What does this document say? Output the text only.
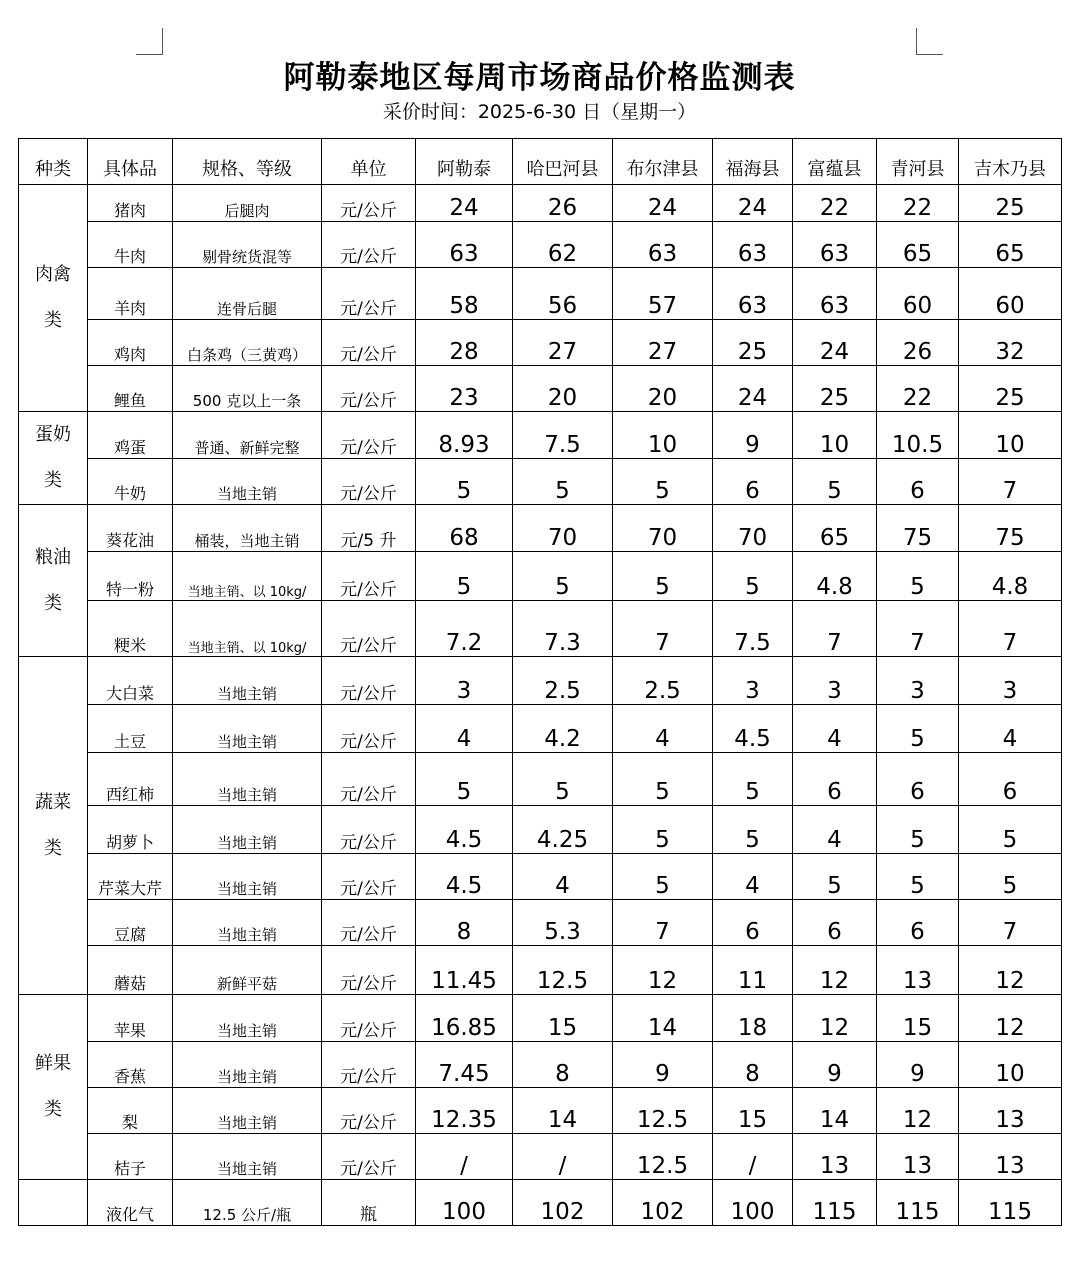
阿勒泰地区每周市场商品价格监测表
采价时间：2025-6-30 日（星期一）
种类	具体品	规格、等级	单位	阿勒泰	哈巴河县	布尔津县	福海县	富蕴县	青河县	吉木乃县

肉禽
类	猪肉	后腿肉	元/公斤	24	26	24	24	22	22	25
	牛肉	剔骨统货混等	元/公斤	63	62	63	63	63	65	65
	羊肉	连骨后腿	元/公斤	58	56	57	63	63	60	60
	鸡肉	白条鸡（三黄鸡）	元/公斤	28	27	27	25	24	26	32
	鲤鱼	500 克以上一条	元/公斤	23	20	20	24	25	22	25

蛋奶
类	鸡蛋	普通、新鲜完整	元/公斤	8.93	7.5	10	9	10	10.5	10
	牛奶	当地主销	元/公斤	5	5	5	6	5	6	7

粮油
类	葵花油	桶装，当地主销	元/5 升	68	70	70	70	65	75	75
	特一粉	当地主销、以 10kg/	元/公斤	5	5	5	5	4.8	5	4.8
	粳米	当地主销、以 10kg/	元/公斤	7.2	7.3	7	7.5	7	7	7

蔬菜
类	大白菜	当地主销	元/公斤	3	2.5	2.5	3	3	3	3
	土豆	当地主销	元/公斤	4	4.2	4	4.5	4	5	4
	西红柿	当地主销	元/公斤	5	5	5	5	6	6	6
	胡萝卜	当地主销	元/公斤	4.5	4.25	5	5	4	5	5
	芹菜大芹	当地主销	元/公斤	4.5	4	5	4	5	5	5
	豆腐	当地主销	元/公斤	8	5.3	7	6	6	6	7
	蘑菇	新鲜平菇	元/公斤	11.45	12.5	12	11	12	13	12

鲜果
类	苹果	当地主销	元/公斤	16.85	15	14	18	12	15	12
	香蕉	当地主销	元/公斤	7.45	8	9	8	9	9	10
	梨	当地主销	元/公斤	12.35	14	12.5	15	14	12	13
	桔子	当地主销	元/公斤	/	/	12.5	/	13	13	13

	液化气	12.5 公斤/瓶	瓶	100	102	102	100	115	115	115
